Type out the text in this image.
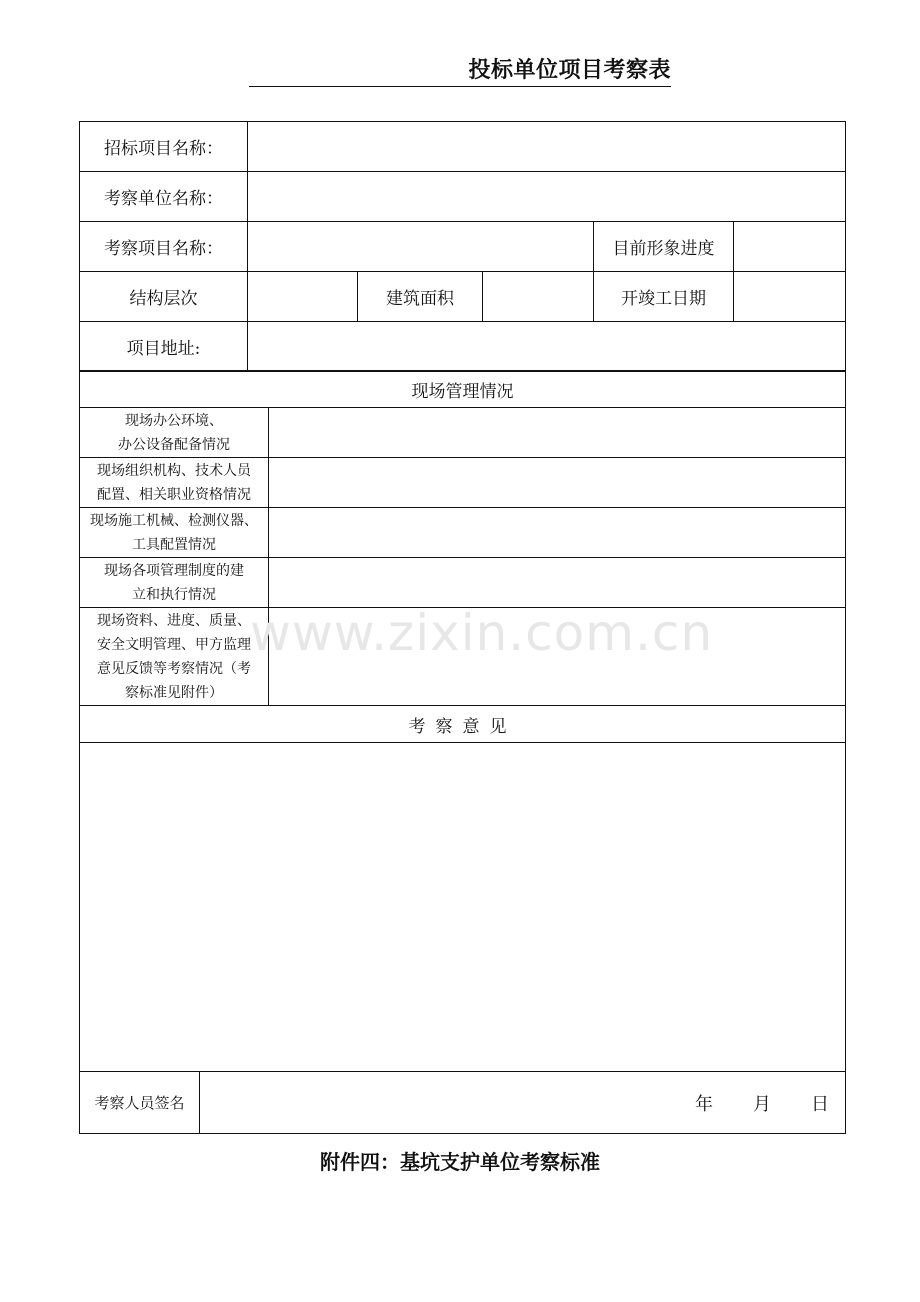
投标单位项目考察表
招标项目名称：					
考察单位名称：					
考察项目名称：				目前形象进度	
结构层次		建筑面积		开竣工日期	
项目地址:					
现场管理情况	
现场办公环境、
办公设备配备情况	
现场组织机构、技术人员
配置、相关职业资格情况	
现场施工机械、检测仪器、
工具配置情况	
现场各项管理制度的建
立和执行情况	
现场资料、进度、质量、
安全文明管理、甲方监理
意见反馈等考察情况（考
察标准见附件）	
考察意见

考察人员签名	年 月 日
附件四：基坑支护单位考察标准
www.zixin.com.cn
